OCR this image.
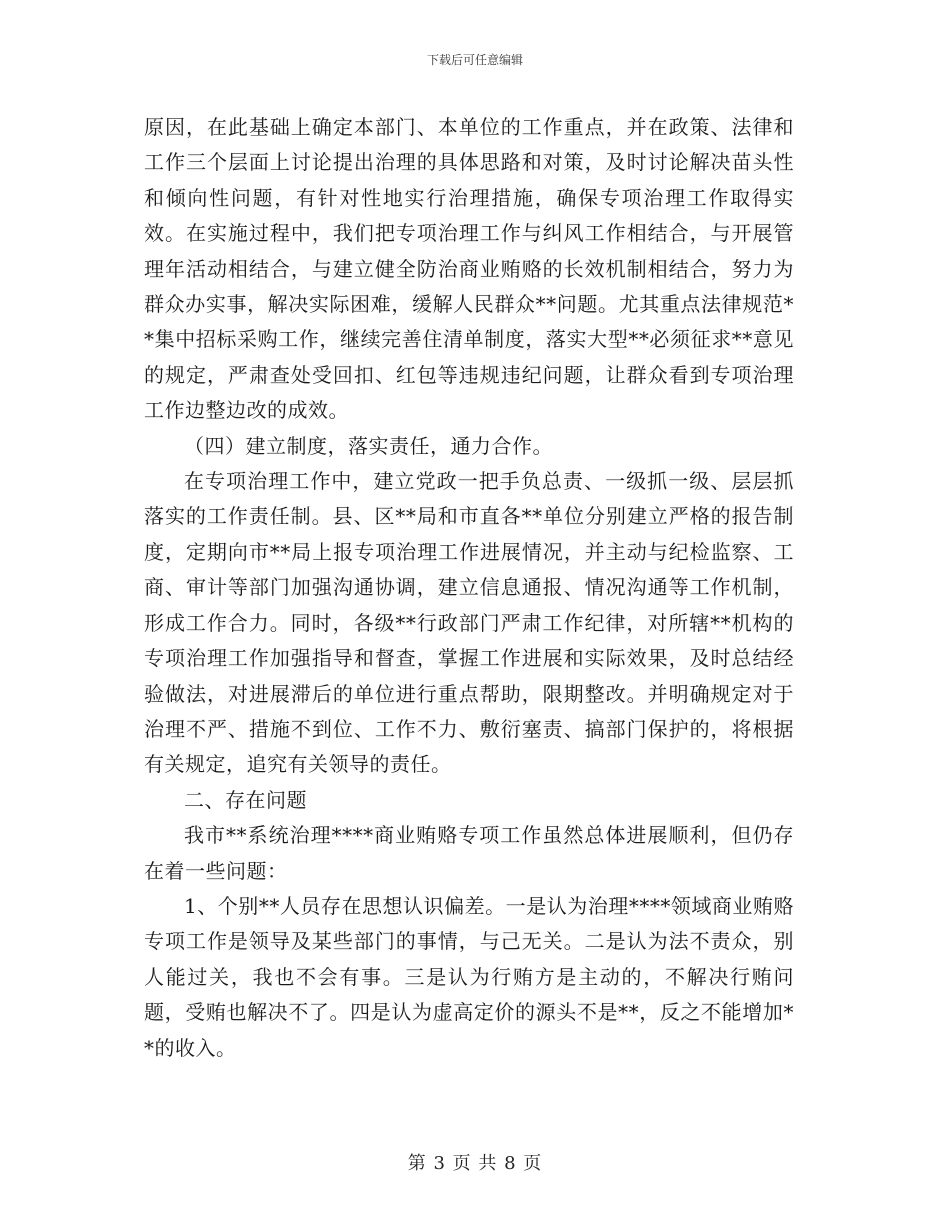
下载后可任意编辑

原因，在此基础上确定本部门、本单位的工作重点，并在政策、法律和工作三个层面上讨论提出治理的具体思路和对策，及时讨论解决苗头性和倾向性问题，有针对性地实行治理措施，确保专项治理工作取得实效。在实施过程中，我们把专项治理工作与纠风工作相结合，与开展管理年活动相结合，与建立健全防治商业贿赂的长效机制相结合，努力为群众办实事，解决实际困难，缓解人民群众**问题。尤其重点法律规范**集中招标采购工作，继续完善住清单制度，落实大型**必须征求**意见的规定，严肃查处受回扣、红包等违规违纪问题，让群众看到专项治理工作边整边改的成效。

（四）建立制度，落实责任，通力合作。

在专项治理工作中，建立党政一把手负总责、一级抓一级、层层抓落实的工作责任制。县、区**局和市直各**单位分别建立严格的报告制度，定期向市**局上报专项治理工作进展情况，并主动与纪检监察、工商、审计等部门加强沟通协调，建立信息通报、情况沟通等工作机制，形成工作合力。同时，各级**行政部门严肃工作纪律，对所辖**机构的专项治理工作加强指导和督查，掌握工作进展和实际效果，及时总结经验做法，对进展滞后的单位进行重点帮助，限期整改。并明确规定对于治理不严、措施不到位、工作不力、敷衍塞责、搞部门保护的，将根据有关规定，追究有关领导的责任。

二、存在问题

我市**系统治理****商业贿赂专项工作虽然总体进展顺利，但仍存在着一些问题：

1、个别**人员存在思想认识偏差。一是认为治理****领域商业贿赂专项工作是领导及某些部门的事情，与己无关。二是认为法不责众，别人能过关，我也不会有事。三是认为行贿方是主动的，不解决行贿问题，受贿也解决不了。四是认为虚高定价的源头不是**，反之不能增加**的收入。

第 3 页 共 8 页
